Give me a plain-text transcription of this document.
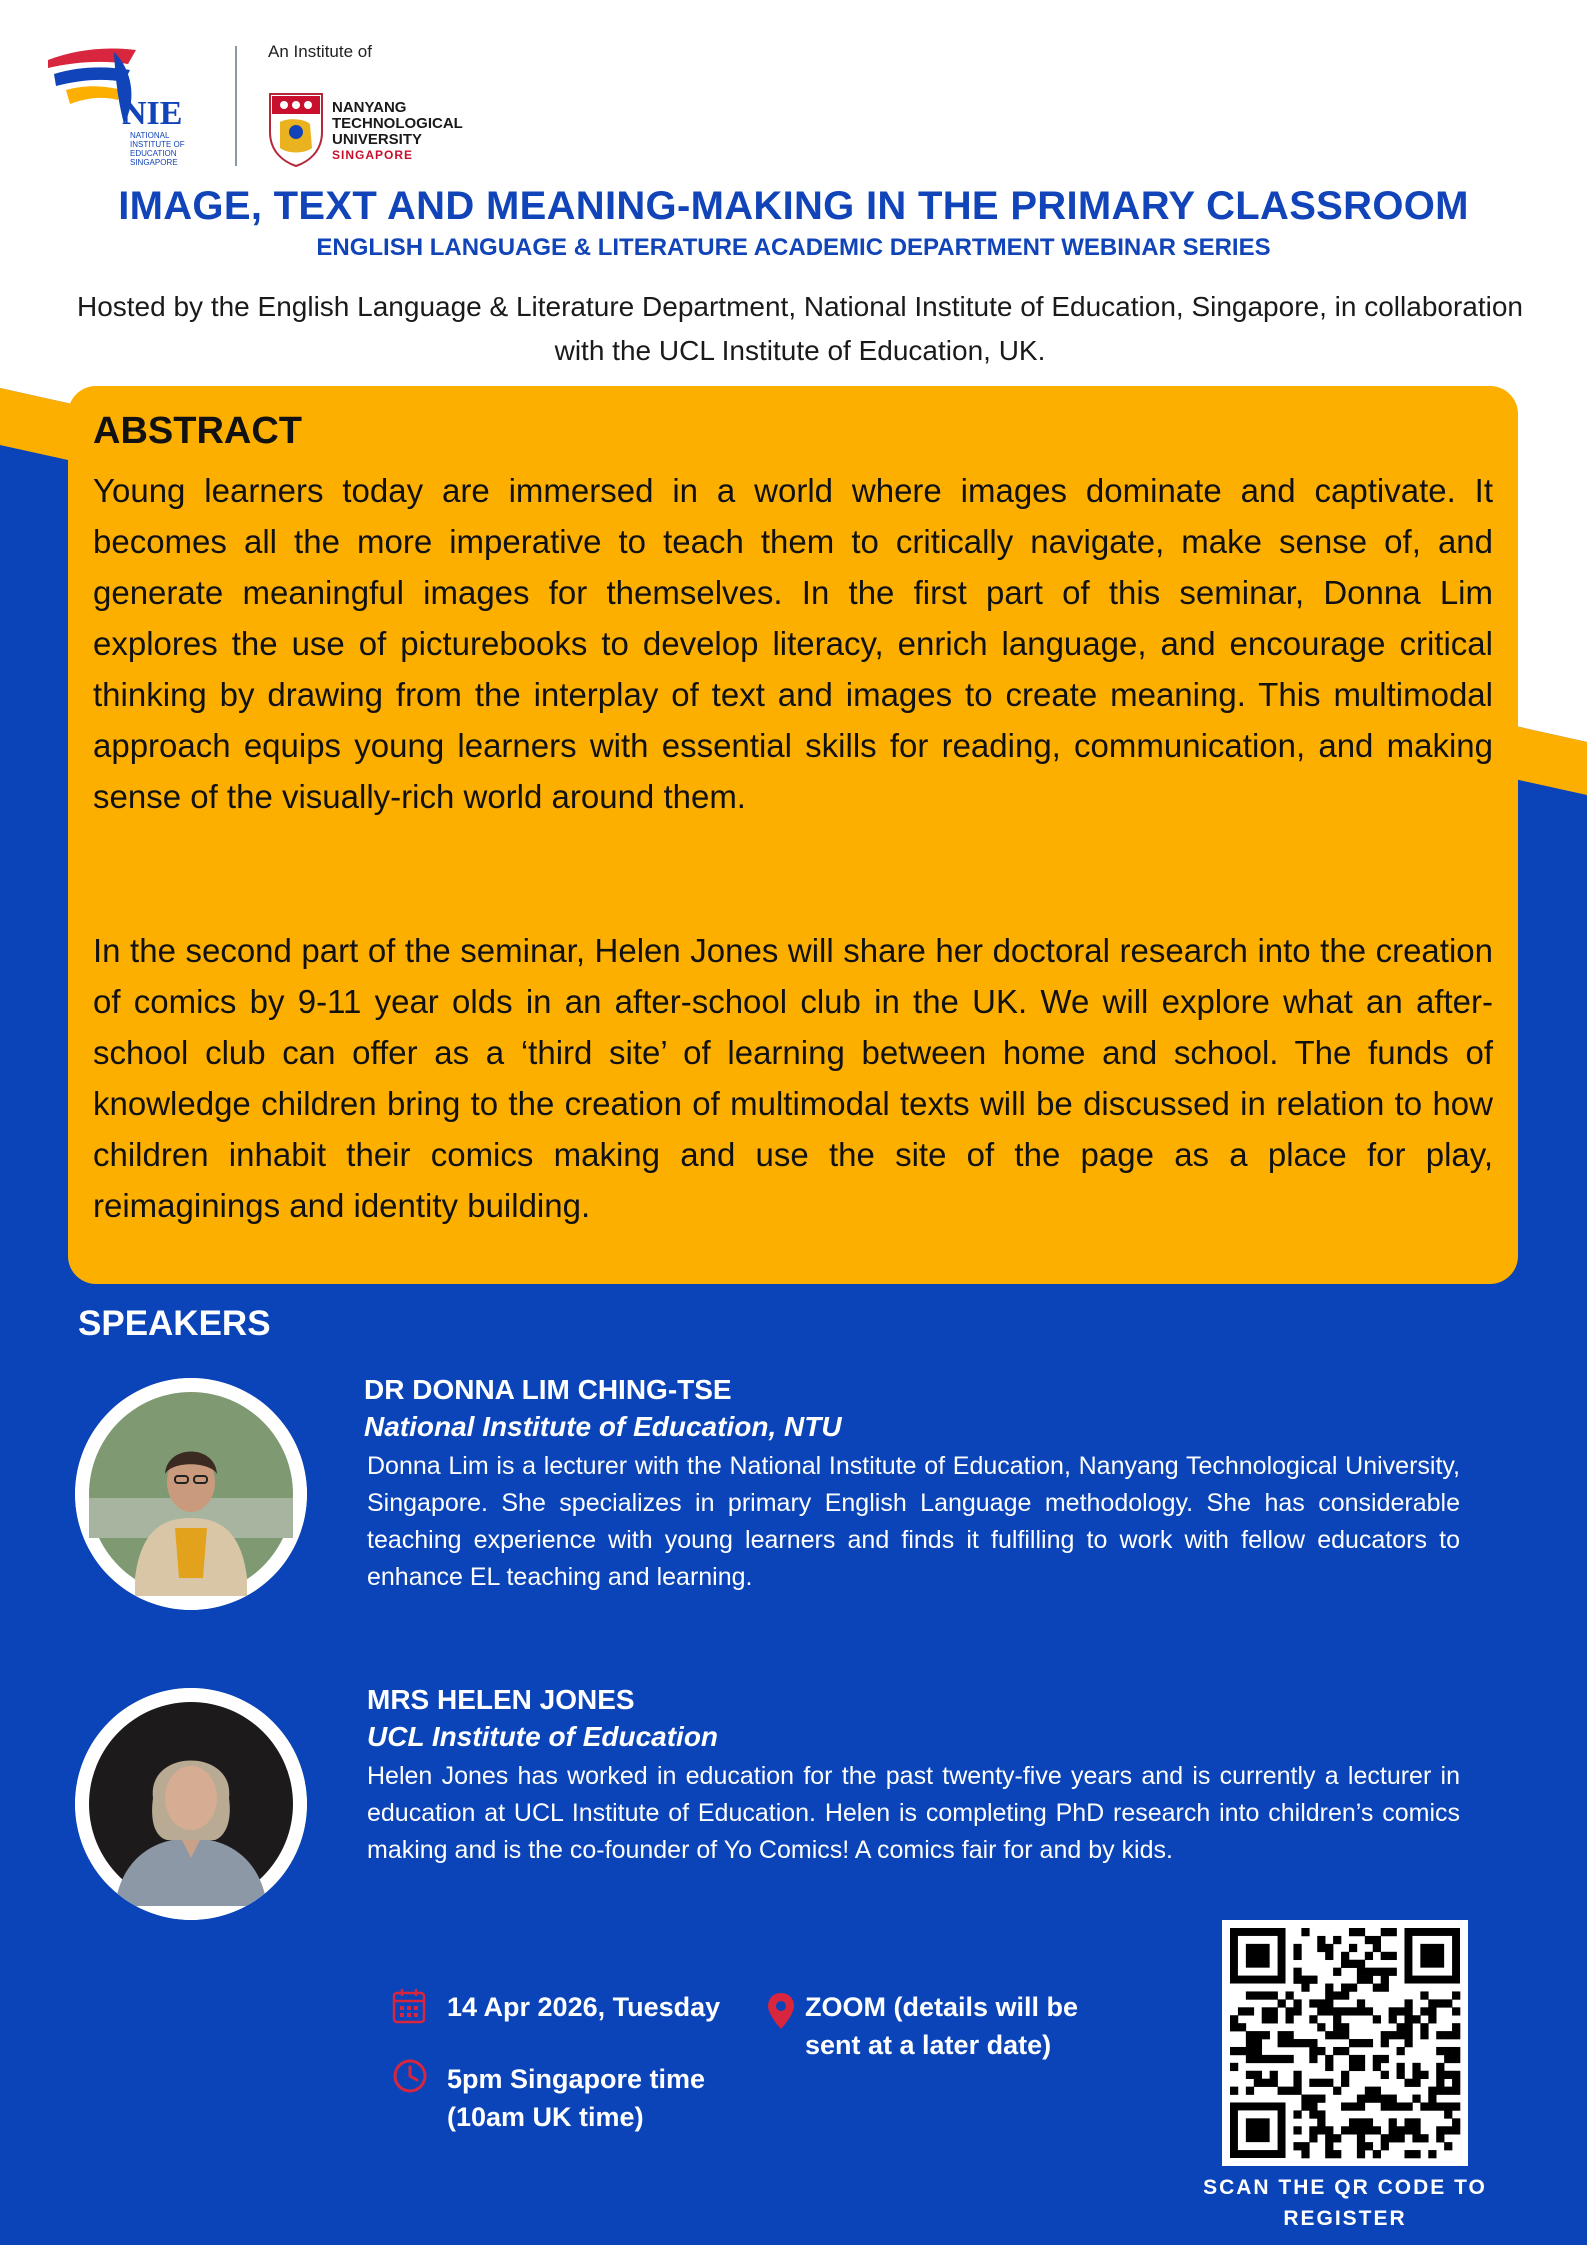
NIE
NATIONAL
INSTITUTE OF
EDUCATION
SINGAPORE
An Institute of
NANYANG
TECHNOLOGICAL
UNIVERSITY
SINGAPORE
IMAGE, TEXT AND MEANING-MAKING IN THE PRIMARY CLASSROOM
ENGLISH LANGUAGE & LITERATURE ACADEMIC DEPARTMENT WEBINAR SERIES
Hosted by the English Language & Literature Department, National Institute of Education, Singapore, in collaboration with the UCL Institute of Education, UK.
ABSTRACT

Young learners today are immersed in a world where images dominate and captivate. It becomes all the more imperative to teach them to critically navigate, make sense of, and generate meaningful images for themselves. In the first part of this seminar, Donna Lim explores the use of picturebooks to develop literacy, enrich language, and encourage critical thinking by drawing from the interplay of text and images to create meaning. This multimodal approach equips young learners with essential skills for reading, communication, and making sense of the visually-rich world around them.

In the second part of the seminar, Helen Jones will share her doctoral research into the creation of comics by 9-11 year olds in an after-school club in the UK. We will explore what an after-school club can offer as a ‘third site’ of learning between home and school. The funds of knowledge children bring to the creation of multimodal texts will be discussed in relation to how children inhabit their comics making and use the site of the page as a place for play, reimaginings and identity building.

SPEAKERS
DR DONNA LIM CHING-TSE
National Institute of Education, NTU

Donna Lim is a lecturer with the National Institute of Education, Nanyang Technological University, Singapore. She specializes in primary English Language methodology. She has considerable teaching experience with young learners and finds it fulfilling to work with fellow educators to enhance EL teaching and learning.

MRS HELEN JONES
UCL Institute of Education

Helen Jones has worked in education for the past twenty-five years and is currently a lecturer in education at UCL Institute of Education. Helen is completing PhD research into children’s comics making and is the co-founder of Yo Comics! A comics fair for and by kids.

14 Apr 2026, Tuesday
5pm Singapore time (10am UK time)
ZOOM (details will be sent at a later date)
SCAN THE QR CODE TO REGISTER
